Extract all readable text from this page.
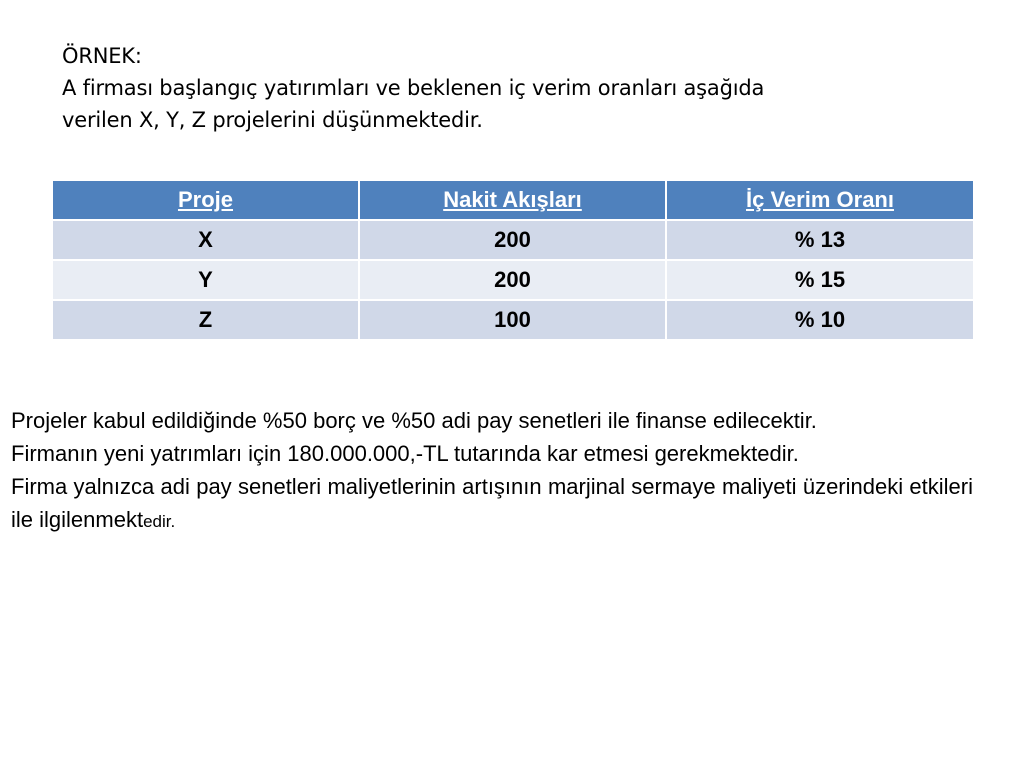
ÖRNEK:
A firması başlangıç yatırımları ve beklenen iç verim oranları aşağıda
verilen X, Y, Z projelerini düşünmektedir.
Proje	Nakit Akışları	İç Verim Oranı
X	200	% 13
Y	200	% 15
Z	100	% 10

Projeler kabul edildiğinde %50 borç ve %50 adi pay senetleri ile finanse edilecektir.

Firmanın yeni yatrımları için 180.000.000,-TL tutarında kar etmesi gerekmektedir.

Firma yalnızca adi pay senetleri maliyetlerinin artışının marjinal sermaye maliyeti üzerindeki etkileri ile ilgilenmektedir.
